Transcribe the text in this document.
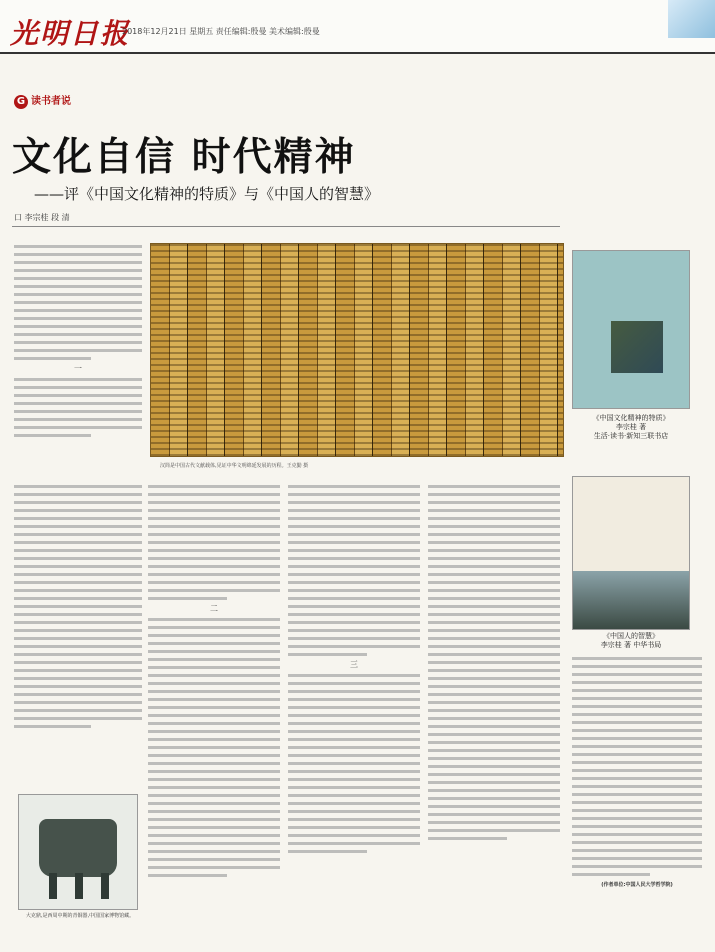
光明日报
2018年12月21日 星期五 责任编辑:殷曼 美术编辑:殷曼
G 读书者说
文化自信 时代精神
——评《中国文化精神的特质》与《中国人的智慧》
口 李宗桂 段 清
一
汉简是中国古代文献载体,见证中华文明绵延发展的历程。王克勤 摄
二
三
(作者单位:中国人民大学哲学院)
《中国文化精神的特质》
李宗桂 著
生活·读书·新知三联书店
《中国人的智慧》
李宗桂 著 中华书局
大克鼎,是西周中期的青铜器,中国国家博物馆藏。
